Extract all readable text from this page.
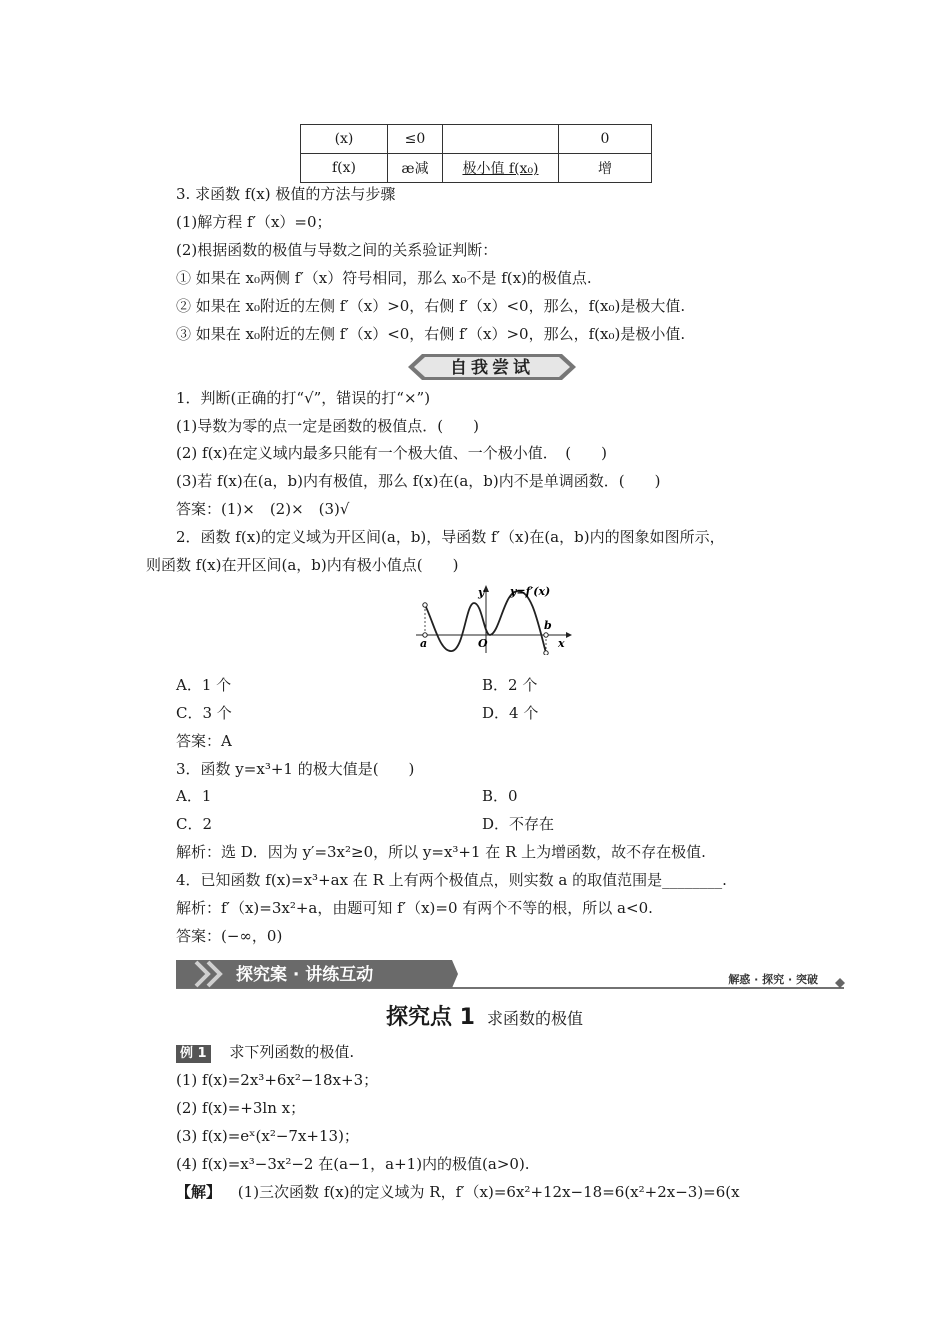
(x)	≤0		0
f(x)	æ减	极小值 f(x₀)	增
3. 求函数 f(x) 极值的方法与步骤
(1)解方程 f′（x）=0；
(2)根据函数的极值与导数之间的关系验证判断：
① 如果在 x₀两侧 f′（x）符号相同，那么 x₀不是 f(x)的极值点.
② 如果在 x₀附近的左侧 f′（x）>0，右侧 f′（x）<0，那么，f(x₀)是极大值.
③ 如果在 x₀附近的左侧 f′（x）<0，右侧 f′（x）>0，那么，f(x₀)是极小值.
自我尝试
1．判断(正确的打“√”，错误的打“×”)
(1)导数为零的点一定是函数的极值点．(　　)
(2) f(x)在定义域内最多只能有一个极大值、一个极小值．　(　　)
(3)若 f(x)在(a，b)内有极值，那么 f(x)在(a，b)内不是单调函数．(　　)
答案：(1)×　(2)×　(3)√
2．函数 f(x)的定义域为开区间(a，b)，导函数 f′（x)在(a，b)内的图象如图所示，
则函数 f(x)在开区间(a，b)内有极小值点(　　)
y y=f′(x)
x
O
a
b
A．1 个	B．2 个
C．3 个	D．4 个
答案：A
3．函数 y=x³+1 的极大值是(　　)
A．1	B．0
C．2	D．不存在
解析：选 D．因为 y′=3x²≥0，所以 y=x³+1 在 R 上为增函数，故不存在极值.
4．已知函数 f(x)=x³+ax 在 R 上有两个极值点，则实数 a 的取值范围是________.
解析：f′（x)=3x²+a，由题可知 f′（x)=0 有两个不等的根，所以 a<0.
答案：(−∞，0)
探究案 · 讲练互动	解惑 · 探究 · 突破
探究点 1 求函数的极值
例 1 求下列函数的极值.
(1) f(x)=2x³+6x²−18x+3；
(2) f(x)=+3ln x；
(3) f(x)=eˣ(x²−7x+13)；
(4) f(x)=x³−3x²−2 在(a−1，a+1)内的极值(a>0).
【解】 (1)三次函数 f(x)的定义域为 R，f′（x)=6x²+12x−18=6(x²+2x−3)=6(x
